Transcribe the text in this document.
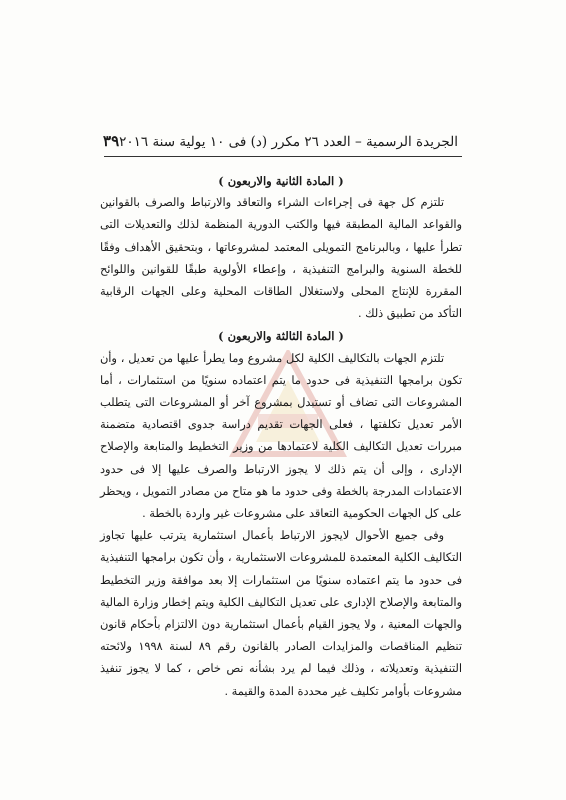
الجريدة الرسمية – العدد ٢٦ مكرر (د) فى ١٠ يولية سنة ٢٠١٦
٣٩

( المادة الثانية والاربعون )

تلتزم كل جهة فى إجراءات الشراء والتعاقد والارتباط والصرف بالقوانين والقواعد المالية المطبقة فيها والكتب الدورية المنظمة لذلك والتعديلات التى تطرأ عليها ، وبالبرنامج التمويلى المعتمد لمشروعاتها ، وبتحقيق الأهداف وفقًا للخطة السنوية والبرامج التنفيذية ، وإعطاء الأولوية طبقًا للقوانين واللوائح المقررة للإنتاج المحلى ولاستغلال الطاقات المحلية وعلى الجهات الرقابية التأكد من تطبيق ذلك .

( المادة الثالثة والاربعون )

تلتزم الجهات بالتكاليف الكلية لكل مشروع وما يطرأ عليها من تعديل ، وأن تكون برامجها التنفيذية فى حدود ما يتم اعتماده سنويًا من استثمارات ، أما المشروعات التى تضاف أو تستبدل بمشروع آخر أو المشروعات التى يتطلب الأمر تعديل تكلفتها ، فعلى الجهات تقديم دراسة جدوى اقتصادية متضمنة مبررات تعديل التكاليف الكلية لاعتمادها من وزير التخطيط والمتابعة والإصلاح الإدارى ، وإلى أن يتم ذلك لا يجوز الارتباط والصرف عليها إلا فى حدود الاعتمادات المدرجة بالخطة وفى حدود ما هو متاح من مصادر التمويل ، ويحظر على كل الجهات الحكومية التعاقد على مشروعات غير واردة بالخطة .

وفى جميع الأحوال لايجوز الارتباط بأعمال استثمارية يترتب عليها تجاوز التكاليف الكلية المعتمدة للمشروعات الاستثمارية ، وأن تكون برامجها التنفيذية فى حدود ما يتم اعتماده سنويًا من استثمارات إلا بعد موافقة وزير التخطيط والمتابعة والإصلاح الإدارى على تعديل التكاليف الكلية ويتم إخطار وزارة المالية والجهات المعنية ، ولا يجوز القيام بأعمال استثمارية دون الالتزام بأحكام قانون تنظيم المناقصات والمزايدات الصادر بالقانون رقم ٨٩ لسنة ١٩٩٨ ولائحته التنفيذية وتعديلاته ، وذلك فيما لم يرد بشأنه نص خاص ، كما لا يجوز تنفيذ مشروعات بأوامر تكليف غير محددة المدة والقيمة .
